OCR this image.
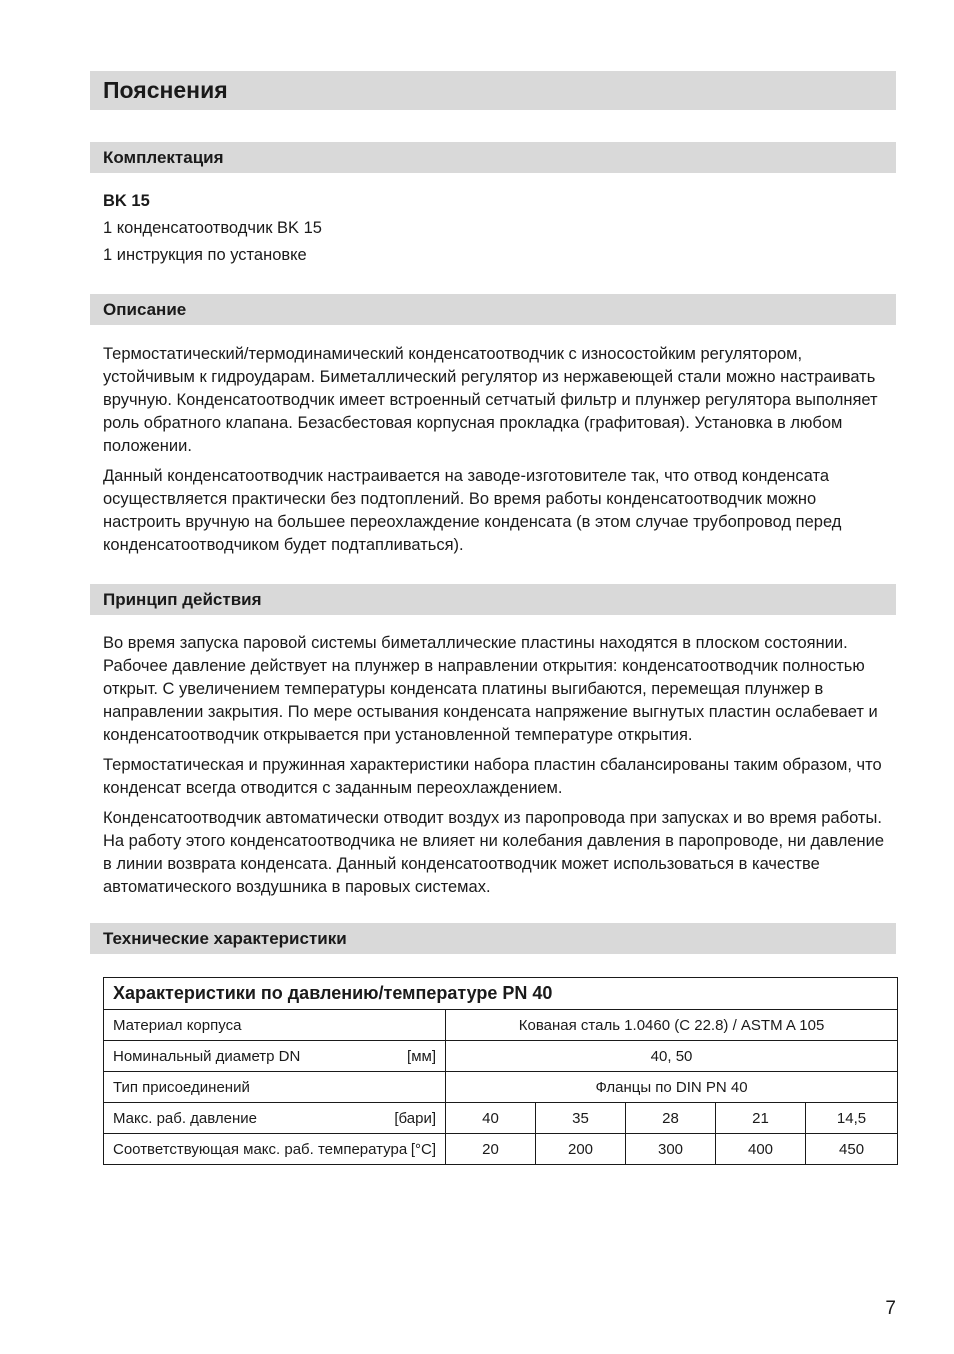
Пояснения
Комплектация
BK 15
1 конденсатоотводчик BK 15
1 инструкция по установке
Описание

Термостатический/термодинамический конденсатоотводчик с износостойким регулятором, устойчивым к гидроударам. Биметаллический регулятор из нержавеющей стали можно настраивать вручную. Конденсатоотводчик имеет встроенный сетчатый фильтр и плунжер регулятора выполняет роль обратного клапана. Безасбестовая корпусная прокладка (графитовая). Установка в любом положении.

Данный конденсатоотводчик настраивается на заводе-изготовителе так, что отвод конденсата осуществляется практически без подтоплений. Во время работы конденсатоотводчик можно настроить вручную на большее переохлаждение конденсата (в этом случае трубопровод перед конденсатоотводчиком будет подтапливаться).

Принцип действия

Во время запуска паровой системы биметаллические пластины находятся в плоском состоянии. Рабочее давление действует на плунжер в направлении открытия: конденсатоотводчик полностью открыт. С увеличением температуры конденсата платины выгибаются, перемещая плунжер в направлении закрытия. По мере остывания конденсата напряжение выгнутых пластин ослабевает и конденсатоотводчик открывается при установленной температуре открытия.

Термостатическая и пружинная характеристики набора пластин сбалансированы таким образом, что конденсат всегда отводится с заданным переохлаждением.

Конденсатоотводчик автоматически отводит воздух из паропровода при запусках и во время работы. На работу этого конденсатоотводчика не влияет ни колебания давления в паропроводе, ни давление в линии возврата конденсата. Данный конденсатоотводчик может использоваться в качестве автоматического воздушника в паровых системах.

Технические характеристики
Характеристики по давлению/температуре PN 40					
Материал корпуса	Кованая сталь 1.0460 (C 22.8) / ASTM A 105				

Номинальный диаметр DN [мм]	40, 50				
Тип присоединений	Фланцы по DIN PN 40				

Макс. раб. давление [бари]	40	35	28	21	14,5

Соответствующая макс. раб. температура [°C]	20	200	300	400	450
7
